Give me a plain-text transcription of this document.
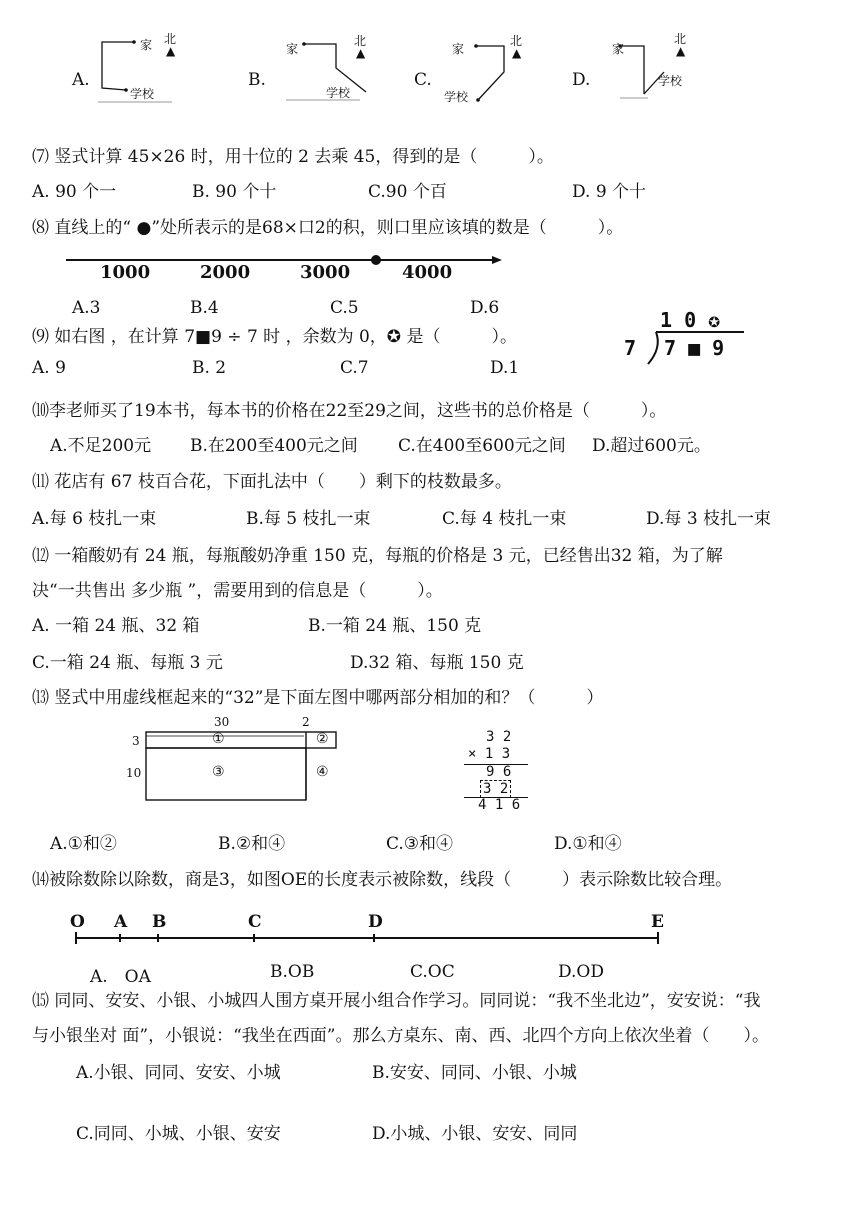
A.
家
学校
北
▲
B.
家
学校
北
▲
C.
家
学校
北
▲
D.
家
学校
北
▲
⑺ 竖式计算 45×26 时，用十位的 2 去乘 45，得到的是（　　　）。
A. 90 个一	B. 90 个十	C.90 个百	D. 9 个十
⑻ 直线上的“ ●”处所表示的是68×口2的积，则口里应该填的数是（　　　）。
1000	2000	3000	4000
A.3	B.4	C.5	D.6
⑼ 如右图 ，在计算 7■9 ÷ 7 时 ，余数为 0，✪ 是（　　　）。
A. 9	B. 2	C.7	D.1
1 0 ✪
7 7 ■ 9
⑽李老师买了19本书，每本书的价格在22至29之间，这些书的总价格是（　　　）。
A.不足200元 B.在200至400元之间 C.在400至600元之间 D.超过600元。
⑾ 花店有 67 枝百合花，下面扎法中（　　）剩下的枝数最多。
A.每 6 枝扎一束	B.每 5 枝扎一束	C.每 4 枝扎一束	D.每 3 枝扎一束
⑿ 一箱酸奶有 24 瓶，每瓶酸奶净重 150 克，每瓶的价格是 3 元，已经售出32 箱，为了解
决“一共售出 多少瓶 ”，需要用到的信息是（　　　）。
A. 一箱 24 瓶、32 箱	B.一箱 24 瓶、150 克
C.一箱 24 瓶、每瓶 3 元	D.32 箱、每瓶 150 克
⒀ 竖式中用虚线框起来的“32”是下面左图中哪两部分相加的和？（　　　）
30	2
3
10
①	②
③	④
3 2
× 1 3
9 6
3 2
4 1 6
A.①和②	B.②和④	C.③和④	D.①和④
⒁被除数除以除数，商是3，如图OE的长度表示被除数，线段（　　　）表示除数比较合理。
O A B	C	D	E
A.　OA	B.OB	C.OC	D.OD
⒂ 同同、安安、小银、小城四人围方桌开展小组合作学习。同同说：“我不坐北边”，安安说：“我
与小银坐对 面”，小银说：“我坐在西面”。那么方桌东、南、西、北四个方向上依次坐着（　　）。
A.小银、同同、安安、小城	B.安安、同同、小银、小城
C.同同、小城、小银、安安	D.小城、小银、安安、同同
